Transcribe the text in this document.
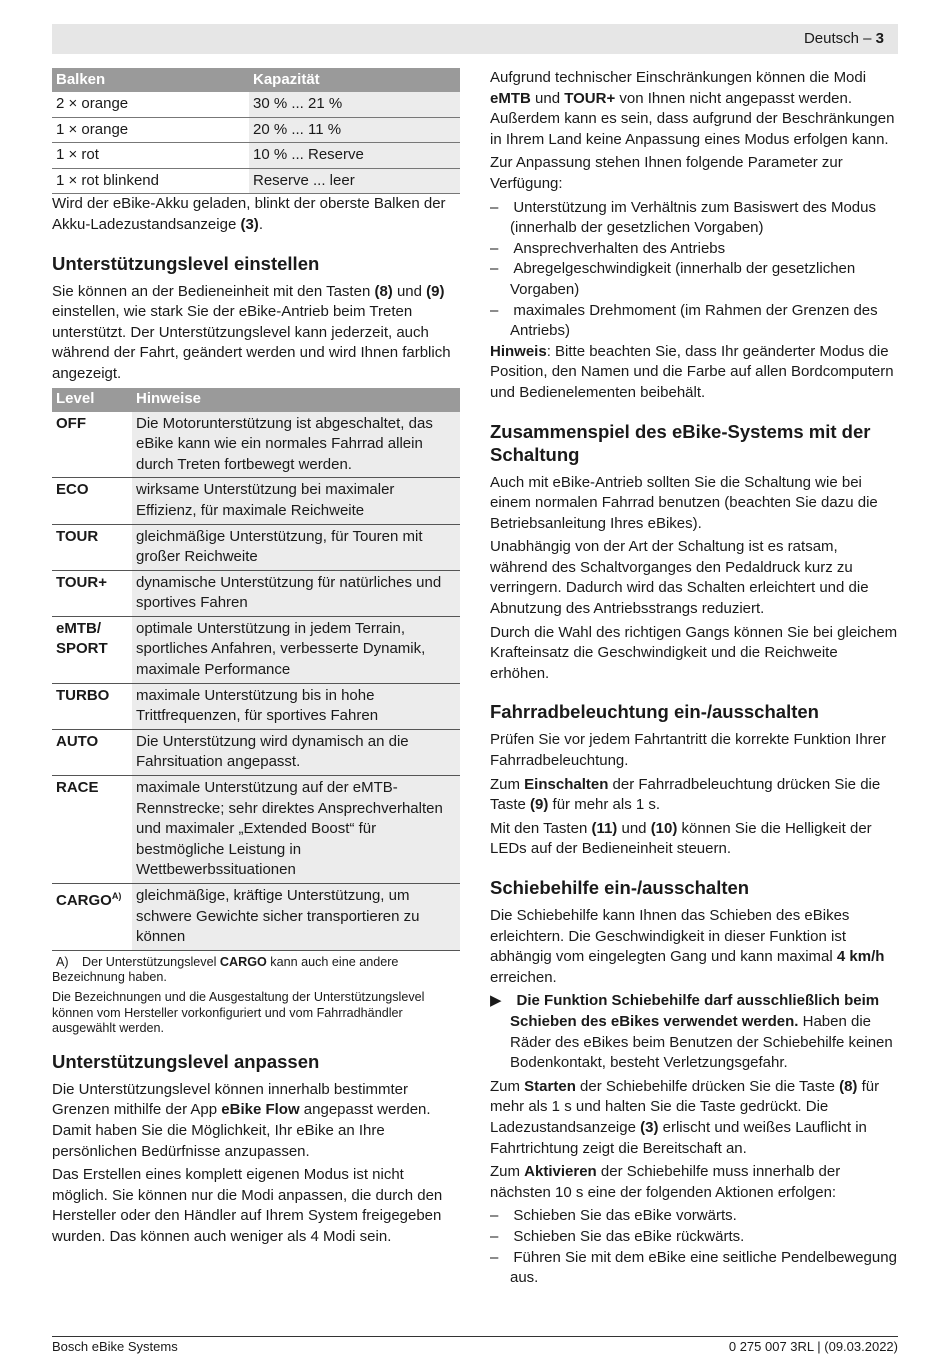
Deutsch – 3
Balken	Kapazität
2 × orange	30 % ... 21 %
1 × orange	20 % ... 11 %
1 × rot	10 % ... Reserve
1 × rot blinkend	Reserve ... leer

Wird der eBike-Akku geladen, blinkt der oberste Balken der Akku-Ladezustandsanzeige (3).

Unterstützungslevel einstellen

Sie können an der Bedieneinheit mit den Tasten (8) und (9) einstellen, wie stark Sie der eBike-Antrieb beim Treten unterstützt. Der Unterstützungslevel kann jederzeit, auch während der Fahrt, geändert werden und wird Ihnen farblich angezeigt.

Level	Hinweise
OFF	Die Motorunterstützung ist abgeschaltet, das eBike kann wie ein normales Fahrrad allein durch Treten fortbewegt werden.
ECO	wirksame Unterstützung bei maximaler Effizienz, für maximale Reichweite
TOUR	gleichmäßige Unterstützung, für Touren mit großer Reichweite
TOUR+	dynamische Unterstützung für natürliches und sportives Fahren
eMTB/ SPORT	optimale Unterstützung in jedem Terrain, sportliches Anfahren, verbesserte Dynamik, maximale Performance
TURBO	maximale Unterstützung bis in hohe Trittfrequenzen, für sportives Fahren
AUTO	Die Unterstützung wird dynamisch an die Fahrsituation angepasst.
RACE	maximale Unterstützung auf der eMTB-Rennstrecke; sehr direktes Ansprechverhalten und maximaler „Extended Boost“ für bestmögliche Leistung in Wettbewerbssituationen
$CARGO^{A)}$	gleichmäßige, kräftige Unterstützung, um schwere Gewichte sicher transportieren zu können
A) Der Unterstützungslevel CARGO kann auch eine andere Bezeichnung haben.
Die Bezeichnungen und die Ausgestaltung der Unterstützungslevel können vom Hersteller vorkonfiguriert und vom Fahrradhändler ausgewählt werden.
Unterstützungslevel anpassen

Die Unterstützungslevel können innerhalb bestimmter Grenzen mithilfe der App eBike Flow angepasst werden. Damit haben Sie die Möglichkeit, Ihr eBike an Ihre persönlichen Bedürfnisse anzupassen.

Das Erstellen eines komplett eigenen Modus ist nicht möglich. Sie können nur die Modi anpassen, die durch den Hersteller oder den Händler auf Ihrem System freigegeben wurden. Das können auch weniger als 4 Modi sein.

Aufgrund technischer Einschränkungen können die Modi eMTB und TOUR+ von Ihnen nicht angepasst werden. Außerdem kann es sein, dass aufgrund der Beschränkungen in Ihrem Land keine Anpassung eines Modus erfolgen kann.

Zur Anpassung stehen Ihnen folgende Parameter zur Verfügung:

–  Unterstützung im Verhältnis zum Basiswert des Modus (innerhalb der gesetzlichen Vorgaben)
–  Ansprechverhalten des Antriebs
–  Abregelgeschwindigkeit (innerhalb der gesetzlichen Vorgaben)
–  maximales Drehmoment (im Rahmen der Grenzen des Antriebs)

Hinweis: Bitte beachten Sie, dass Ihr geänderter Modus die Position, den Namen und die Farbe auf allen Bordcomputern und Bedienelementen beibehält.

Zusammenspiel des eBike-Systems mit der Schaltung

Auch mit eBike-Antrieb sollten Sie die Schaltung wie bei einem normalen Fahrrad benutzen (beachten Sie dazu die Betriebsanleitung Ihres eBikes).

Unabhängig von der Art der Schaltung ist es ratsam, während des Schaltvorganges den Pedaldruck kurz zu verringern. Dadurch wird das Schalten erleichtert und die Abnutzung des Antriebsstrangs reduziert.

Durch die Wahl des richtigen Gangs können Sie bei gleichem Krafteinsatz die Geschwindigkeit und die Reichweite erhöhen.

Fahrradbeleuchtung ein-/ausschalten

Prüfen Sie vor jedem Fahrtantritt die korrekte Funktion Ihrer Fahrradbeleuchtung.

Zum Einschalten der Fahrradbeleuchtung drücken Sie die Taste (9) für mehr als 1 s.

Mit den Tasten (11) und (10) können Sie die Helligkeit der LEDs auf der Bedieneinheit steuern.

Schiebehilfe ein-/ausschalten

Die Schiebehilfe kann Ihnen das Schieben des eBikes erleichtern. Die Geschwindigkeit in dieser Funktion ist abhängig vom eingelegten Gang und kann maximal 4 km/h erreichen.

▶  Die Funktion Schiebehilfe darf ausschließlich beim Schieben des eBikes verwendet werden. Haben die Räder des eBikes beim Benutzen der Schiebehilfe keinen Bodenkontakt, besteht Verletzungsgefahr.

Zum Starten der Schiebehilfe drücken Sie die Taste (8) für mehr als 1 s und halten Sie die Taste gedrückt. Die Ladezustandsanzeige (3) erlischt und weißes Lauflicht in Fahrtrichtung zeigt die Bereitschaft an.

Zum Aktivieren der Schiebehilfe muss innerhalb der nächsten 10 s eine der folgenden Aktionen erfolgen:

–  Schieben Sie das eBike vorwärts.
–  Schieben Sie das eBike rückwärts.
–  Führen Sie mit dem eBike eine seitliche Pendelbewegung aus.
Bosch eBike Systems	0 275 007 3RL | (09.03.2022)
